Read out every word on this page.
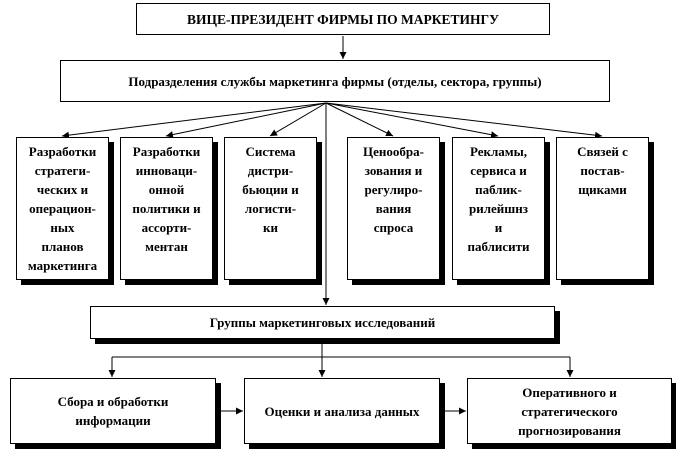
ВИЦЕ-ПРЕЗИДЕНТ ФИРМЫ ПО МАРКЕТИНГУ
Подразделения службы маркетинга фирмы (отделы, сектора, группы)
Разработки
стратеги-
ческих и
операцион-
ных
планов
маркетинга
Разработки
инноваци-
онной
политики и
ассорти-
ментан
Система
дистри-
бьюции и
логисти-
ки
Ценообра-
зования и
регулиро-
вания
спроса
Рекламы,
сервиса и
паблик-
рилейшнз
и
паблисити
Связей с
постав-
щиками
Группы маркетинговых исследований
Сбора и обработки
информации
Оценки и анализа данных
Оперативного и
стратегического
прогнозирования
